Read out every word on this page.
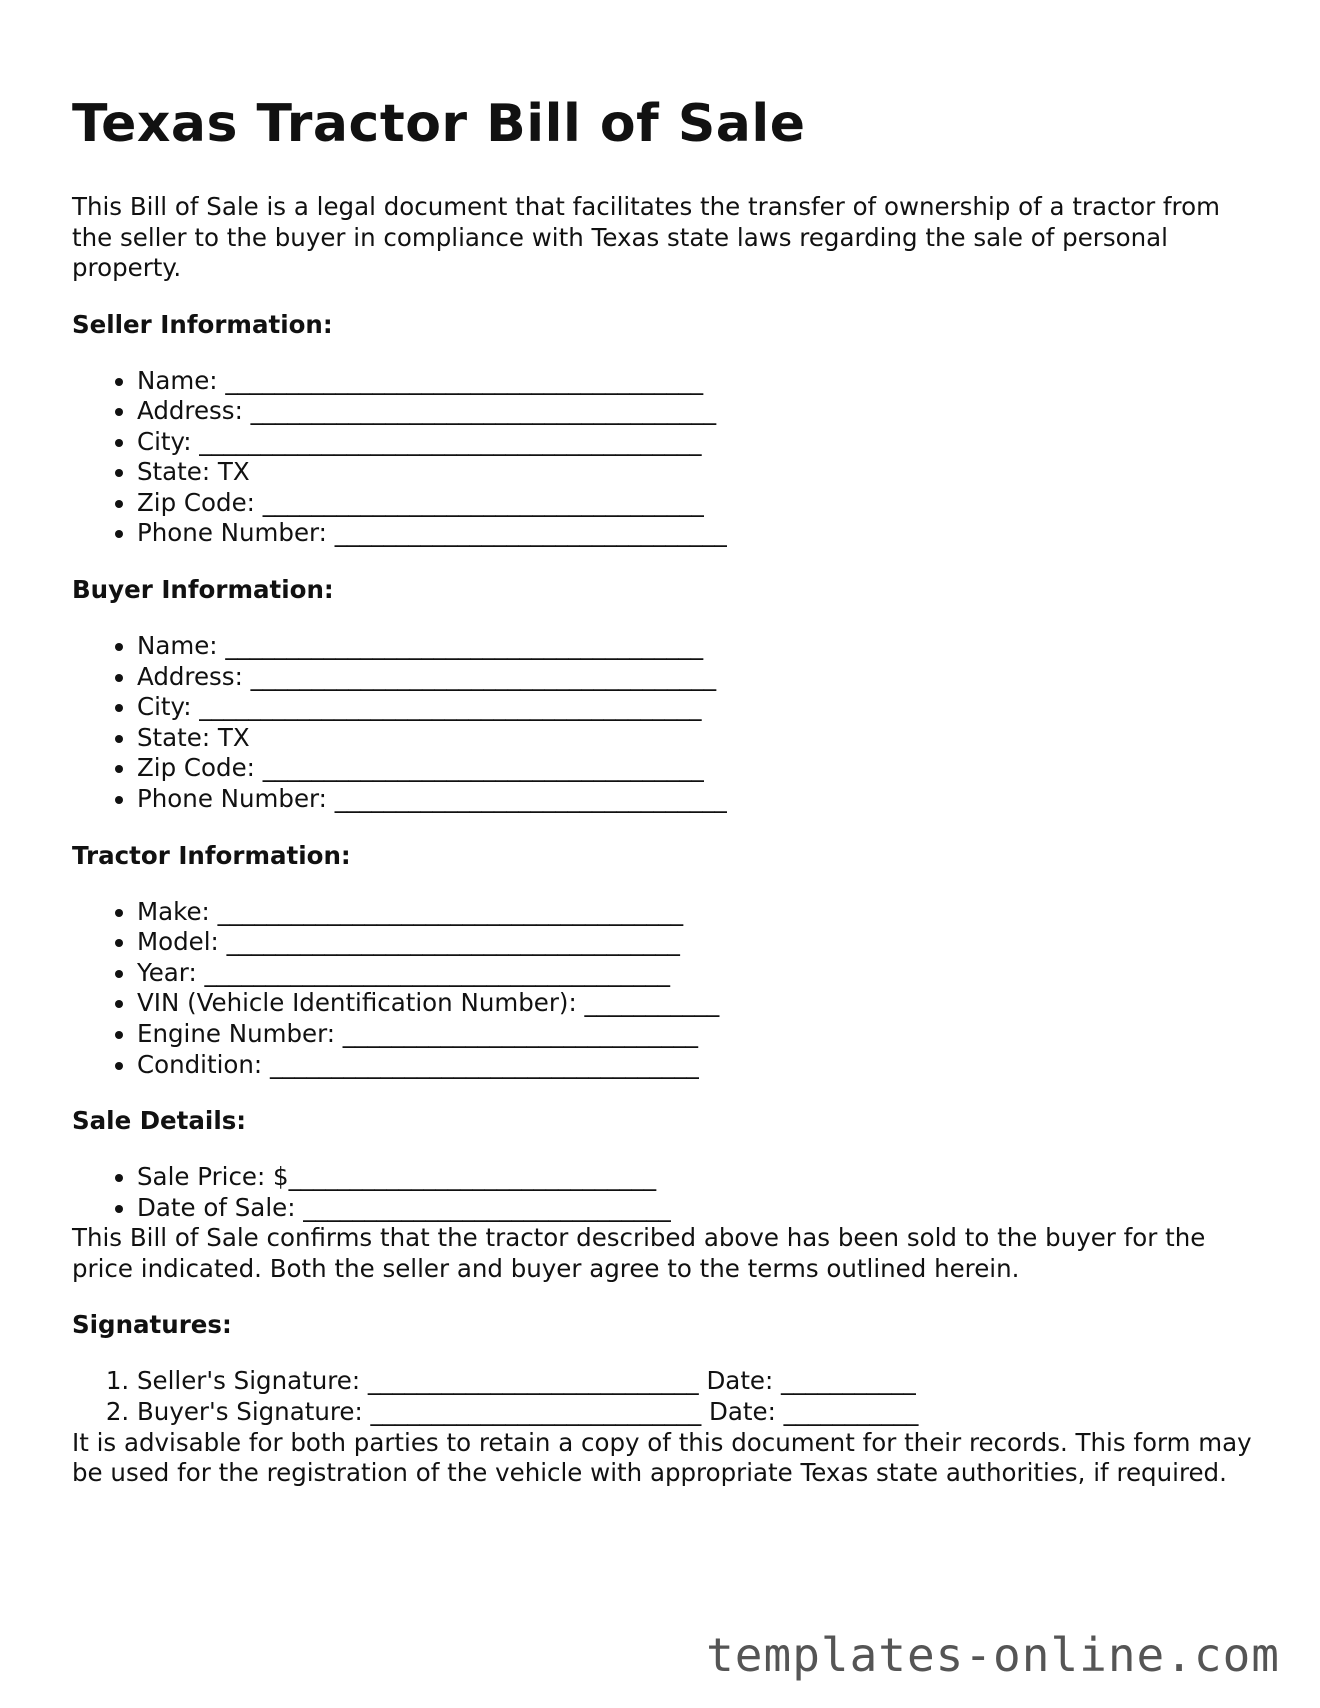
Texas Tractor Bill of Sale

This Bill of Sale is a legal document that facilitates the transfer of ownership of a tractor from the seller to the buyer in compliance with Texas state laws regarding the sale of personal property.

Seller Information:
• Name: _______________________________________
• Address: ______________________________________
• City: _________________________________________
• State: TX
• Zip Code: ____________________________________
• Phone Number: ________________________________
Buyer Information:
• Name: _______________________________________
• Address: ______________________________________
• City: _________________________________________
• State: TX
• Zip Code: ____________________________________
• Phone Number: ________________________________
Tractor Information:
• Make: ______________________________________
• Model: _____________________________________
• Year: ______________________________________
• VIN (Vehicle Identification Number): ___________
• Engine Number: _____________________________
• Condition: ___________________________________
Sale Details:
• Sale Price: $______________________________
• Date of Sale: ______________________________

This Bill of Sale confirms that the tractor described above has been sold to the buyer for the price indicated. Both the seller and buyer agree to the terms outlined herein.

Signatures:
1. Seller's Signature: ___________________________ Date: ___________
2. Buyer's Signature: ___________________________ Date: ___________

It is advisable for both parties to retain a copy of this document for their records. This form may be used for the registration of the vehicle with appropriate Texas state authorities, if required.

templates-online.com
